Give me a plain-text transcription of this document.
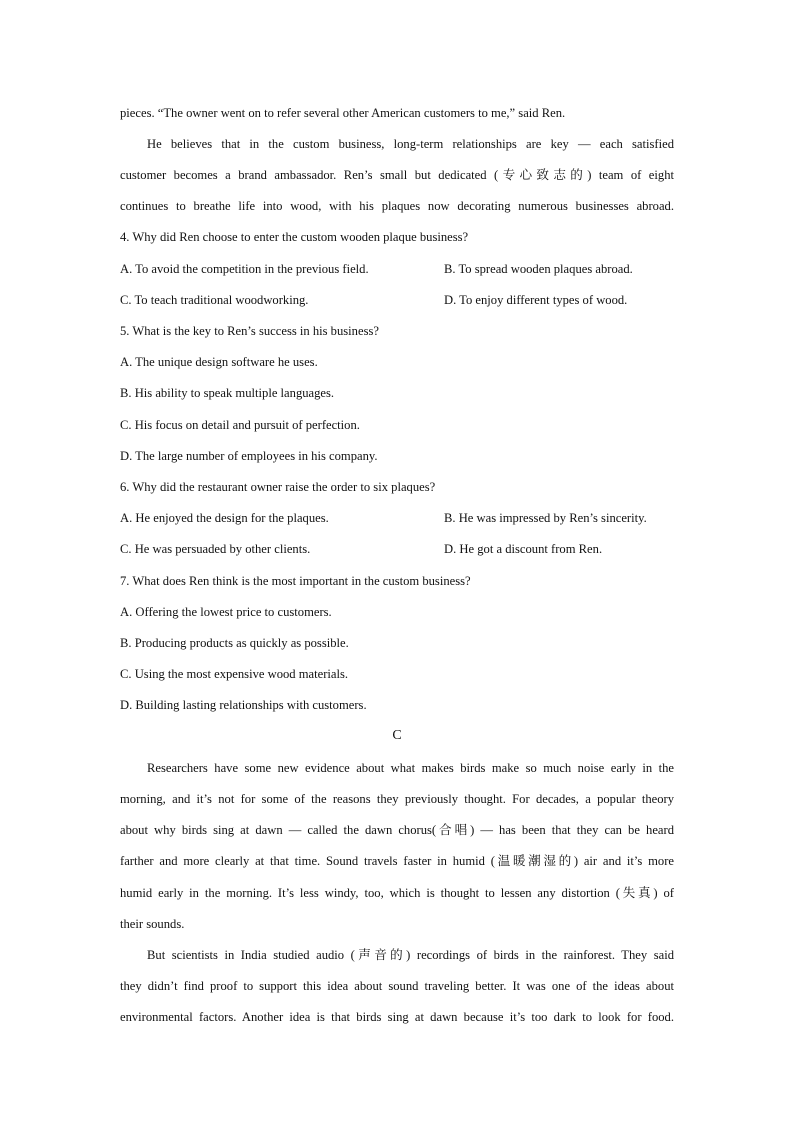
pieces. “The owner went on to refer several other American customers to me,” said Ren.
He believes that in the custom business, long-term relationships are key — each satisfied
customer becomes a brand ambassador. Ren’s small but dedicated (专心致志的) team of eight
continues to breathe life into wood, with his plaques now decorating numerous businesses abroad.
4. Why did Ren choose to enter the custom wooden plaque business?
A. To avoid the competition in the previous field.	B. To spread wooden plaques abroad.
C. To teach traditional woodworking.	D. To enjoy different types of wood.
5. What is the key to Ren’s success in his business?
A. The unique design software he uses.
B. His ability to speak multiple languages.
C. His focus on detail and pursuit of perfection.
D. The large number of employees in his company.
6. Why did the restaurant owner raise the order to six plaques?
A. He enjoyed the design for the plaques.	B. He was impressed by Ren’s sincerity.
C. He was persuaded by other clients.	D. He got a discount from Ren.
7. What does Ren think is the most important in the custom business?
A. Offering the lowest price to customers.
B. Producing products as quickly as possible.
C. Using the most expensive wood materials.
D. Building lasting relationships with customers.
C
Researchers have some new evidence about what makes birds make so much noise early in the
morning, and it’s not for some of the reasons they previously thought. For decades, a popular theory
about why birds sing at dawn — called the dawn chorus(合唱) — has been that they can be heard
farther and more clearly at that time. Sound travels faster in humid (温暖潮湿的) air and it’s more
humid early in the morning. It’s less windy, too, which is thought to lessen any distortion (失真) of
their sounds.
But scientists in India studied audio (声音的) recordings of birds in the rainforest. They said
they didn’t find proof to support this idea about sound traveling better. It was one of the ideas about
environmental factors. Another idea is that birds sing at dawn because it’s too dark to look for food.
